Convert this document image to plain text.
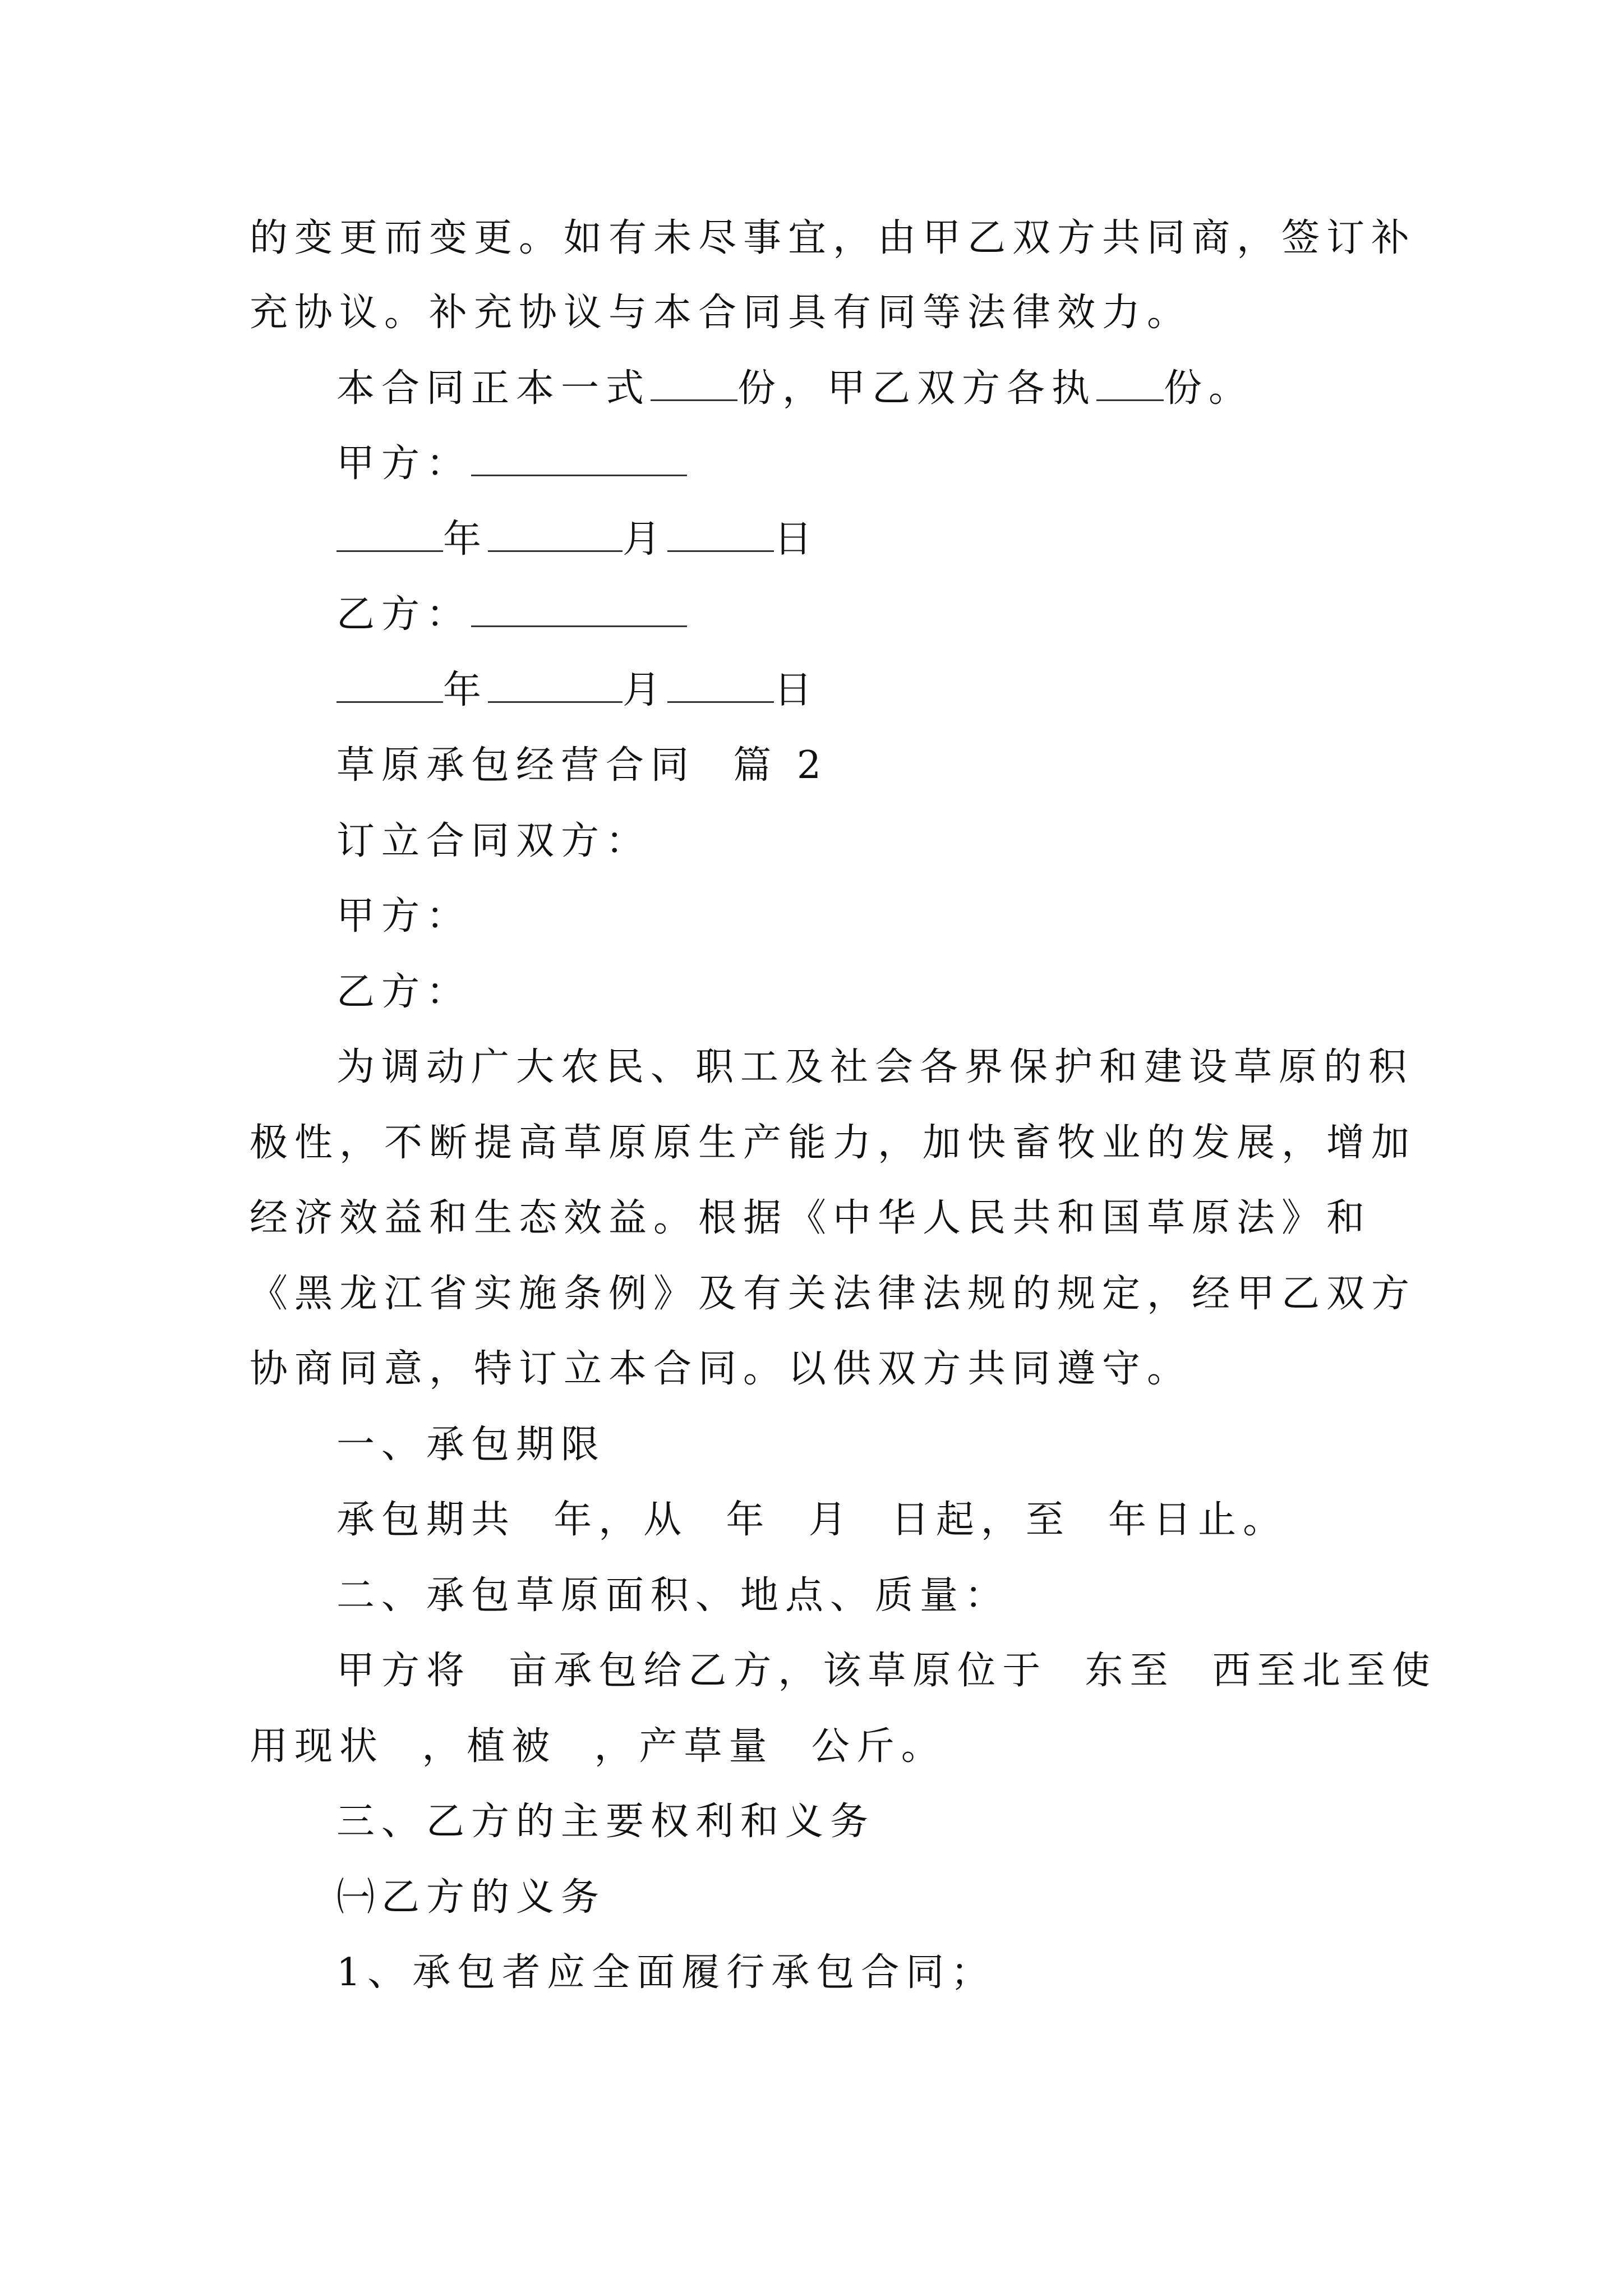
的变更而变更。如有未尽事宜，由甲乙双方共同商，签订补
充协议。补充协议与本合同具有同等法律效力。
本合同正本一式 份，甲乙双方各执 份。
甲方：
年	月	日
乙方：
年	月	日
草原承包经营合同  篇 2
订立合同双方：
甲方：
乙方：
为调动广大农民、职工及社会各界保护和建设草原的积
极性，不断提高草原原生产能力，加快畜牧业的发展，增加
经济效益和生态效益。根据《中华人民共和国草原法》和
《黑龙江省实施条例》及有关法律法规的规定，经甲乙双方
协商同意，特订立本合同。以供双方共同遵守。
一、承包期限
承包期共  年，从  年  月  日起，至  年日止。
二、承包草原面积、地点、质量：
甲方将  亩承包给乙方，该草原位于  东至  西至北至使
用现状  ，植被  ，产草量  公斤。
三、乙方的主要权利和义务
㈠乙方的义务
1、承包者应全面履行承包合同；
